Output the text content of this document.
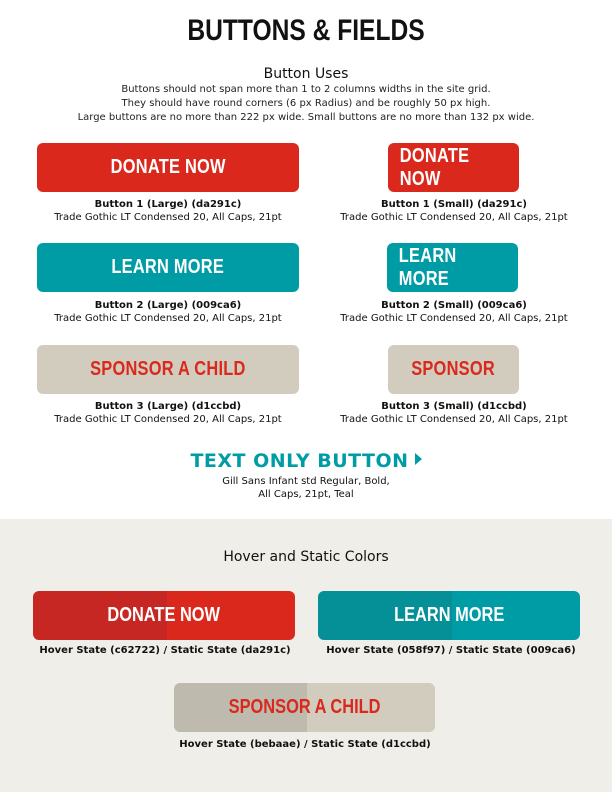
BUTTONS & FIELDS
Button Uses
Buttons should not span more than 1 to 2 columns widths in the site grid.
They should have round corners (6 px Radius) and be roughly 50 px high.
Large buttons are no more than 222 px wide. Small buttons are no more than 132 px wide.
DONATE NOW
DONATE NOW
Button 1 (Large) (da291c)
Trade Gothic LT Condensed 20, All Caps, 21pt
Button 1 (Small) (da291c)
Trade Gothic LT Condensed 20, All Caps, 21pt
LEARN MORE
LEARN MORE
Button 2 (Large) (009ca6)
Trade Gothic LT Condensed 20, All Caps, 21pt
Button 2 (Small) (009ca6)
Trade Gothic LT Condensed 20, All Caps, 21pt
SPONSOR A CHILD	SPONSOR
Button 3 (Large) (d1ccbd)
Trade Gothic LT Condensed 20, All Caps, 21pt
Button 3 (Small) (d1ccbd)
Trade Gothic LT Condensed 20, All Caps, 21pt
TEXT ONLY BUTTON
Gill Sans Infant std Regular, Bold,
All Caps, 21pt, Teal
Hover and Static Colors
DONATE NOW
Hover State (c62722) / Static State (da291c)
LEARN MORE
Hover State (058f97) / Static State (009ca6)
SPONSOR A CHILD
Hover State (bebaae) / Static State (d1ccbd)
